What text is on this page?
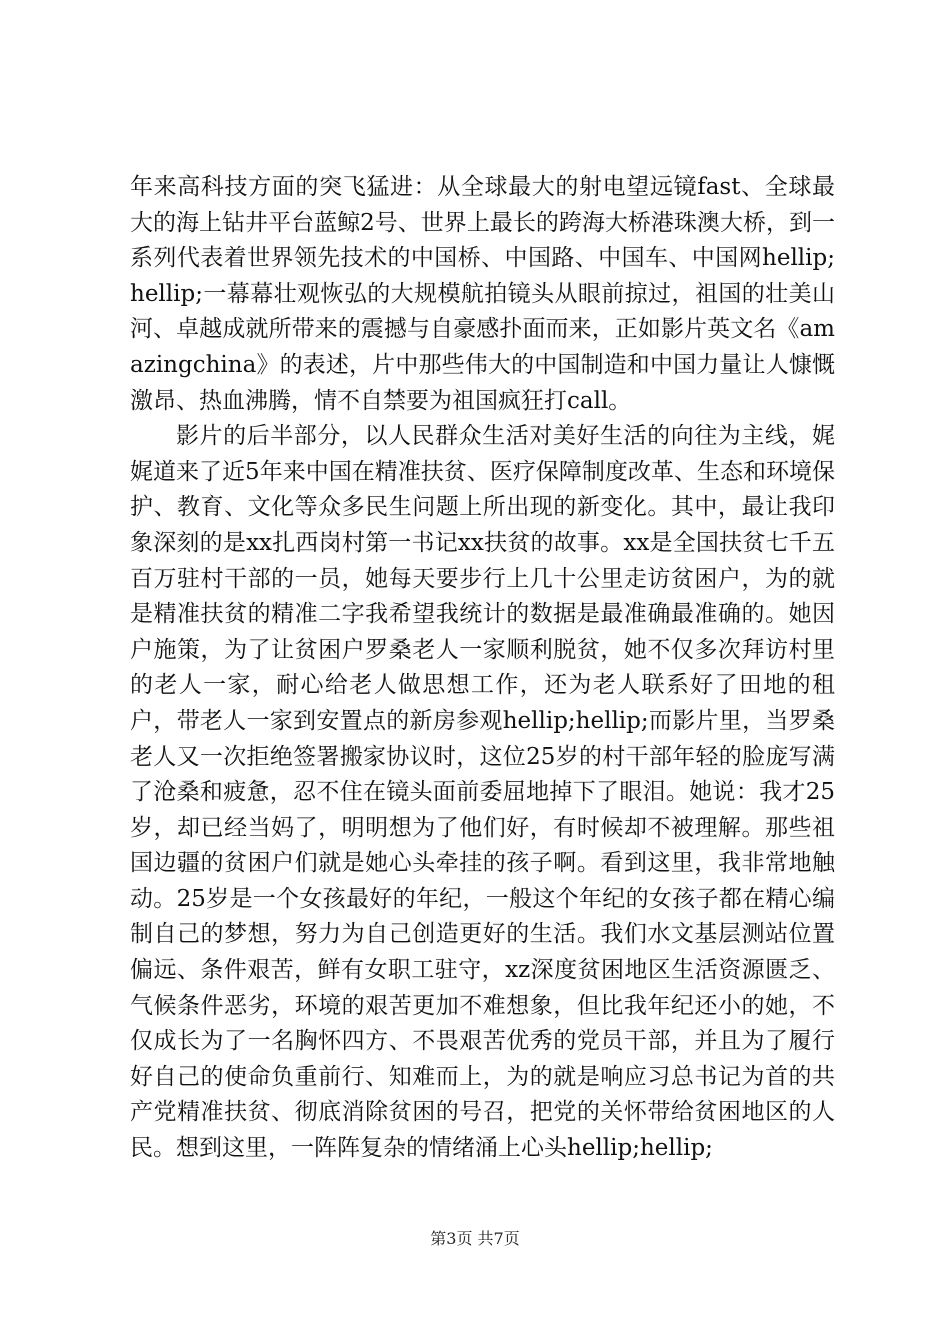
年来高科技方面的突飞猛进：从全球最大的射电望远镜fast、全球最大的海上钻井平台蓝鲸2号、世界上最长的跨海大桥港珠澳大桥，到一系列代表着世界领先技术的中国桥、中国路、中国车、中国网hellip;hellip;一幕幕壮观恢弘的大规模航拍镜头从眼前掠过，祖国的壮美山河、卓越成就所带来的震撼与自豪感扑面而来，正如影片英文名《amazingchina》的表述，片中那些伟大的中国制造和中国力量让人慷慨激昂、热血沸腾，情不自禁要为祖国疯狂打call。

影片的后半部分，以人民群众生活对美好生活的向往为主线，娓娓道来了近5年来中国在精准扶贫、医疗保障制度改革、生态和环境保护、教育、文化等众多民生问题上所出现的新变化。其中，最让我印象深刻的是xx扎西岗村第一书记xx扶贫的故事。xx是全国扶贫七千五百万驻村干部的一员，她每天要步行上几十公里走访贫困户，为的就是精准扶贫的精准二字我希望我统计的数据是最准确最准确的。她因户施策，为了让贫困户罗桑老人一家顺利脱贫，她不仅多次拜访村里的老人一家，耐心给老人做思想工作，还为老人联系好了田地的租户，带老人一家到安置点的新房参观hellip;hellip;而影片里，当罗桑老人又一次拒绝签署搬家协议时，这位25岁的村干部年轻的脸庞写满了沧桑和疲惫，忍不住在镜头面前委屈地掉下了眼泪。她说：我才25岁，却已经当妈了，明明想为了他们好，有时候却不被理解。那些祖国边疆的贫困户们就是她心头牵挂的孩子啊。看到这里，我非常地触动。25岁是一个女孩最好的年纪，一般这个年纪的女孩子都在精心编制自己的梦想，努力为自己创造更好的生活。我们水文基层测站位置偏远、条件艰苦，鲜有女职工驻守，xz深度贫困地区生活资源匮乏、气候条件恶劣，环境的艰苦更加不难想象，但比我年纪还小的她，不仅成长为了一名胸怀四方、不畏艰苦优秀的党员干部，并且为了履行好自己的使命负重前行、知难而上，为的就是响应习总书记为首的共产党精准扶贫、彻底消除贫困的号召，把党的关怀带给贫困地区的人民。想到这里，一阵阵复杂的情绪涌上心头hellip;hellip;

第3页 共7页
